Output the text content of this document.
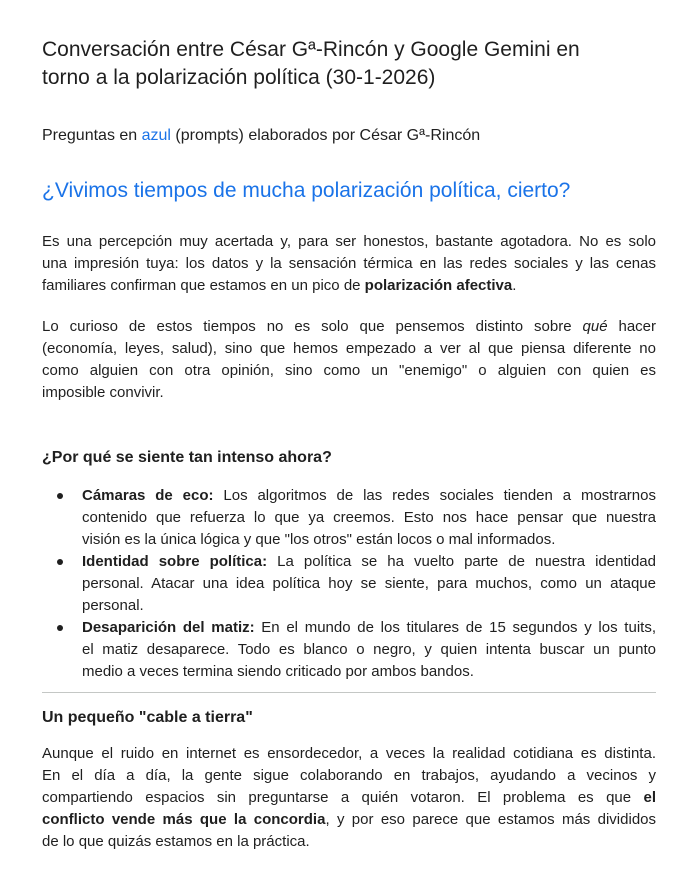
Conversación entre César Gª-Rincón y Google Gemini en
torno a la polarización política (30-1-2026)

Preguntas en azul (prompts) elaborados por César Gª-Rincón

¿Vivimos tiempos de mucha polarización política, cierto?

Es una percepción muy acertada y, para ser honestos, bastante agotadora. No es solo
una impresión tuya: los datos y la sensación térmica en las redes sociales y las cenas
familiares confirman que estamos en un pico de polarización afectiva.

Lo curioso de estos tiempos no es solo que pensemos distinto sobre qué hacer
(economía, leyes, salud), sino que hemos empezado a ver al que piensa diferente no
como alguien con otra opinión, sino como un "enemigo" o alguien con quien es
imposible convivir.

¿Por qué se siente tan intenso ahora?
Cámaras de eco: Los algoritmos de las redes sociales tienden a mostrarnos
contenido que refuerza lo que ya creemos. Esto nos hace pensar que nuestra
visión es la única lógica y que "los otros" están locos o mal informados.
Identidad sobre política: La política se ha vuelto parte de nuestra identidad
personal. Atacar una idea política hoy se siente, para muchos, como un ataque
personal.
Desaparición del matiz: En el mundo de los titulares de 15 segundos y los tuits,
el matiz desaparece. Todo es blanco o negro, y quien intenta buscar un punto
medio a veces termina siendo criticado por ambos bandos.
Un pequeño "cable a tierra"

Aunque el ruido en internet es ensordecedor, a veces la realidad cotidiana es distinta.
En el día a día, la gente sigue colaborando en trabajos, ayudando a vecinos y
compartiendo espacios sin preguntarse a quién votaron. El problema es que el
conflicto vende más que la concordia, y por eso parece que estamos más divididos
de lo que quizás estamos en la práctica.
